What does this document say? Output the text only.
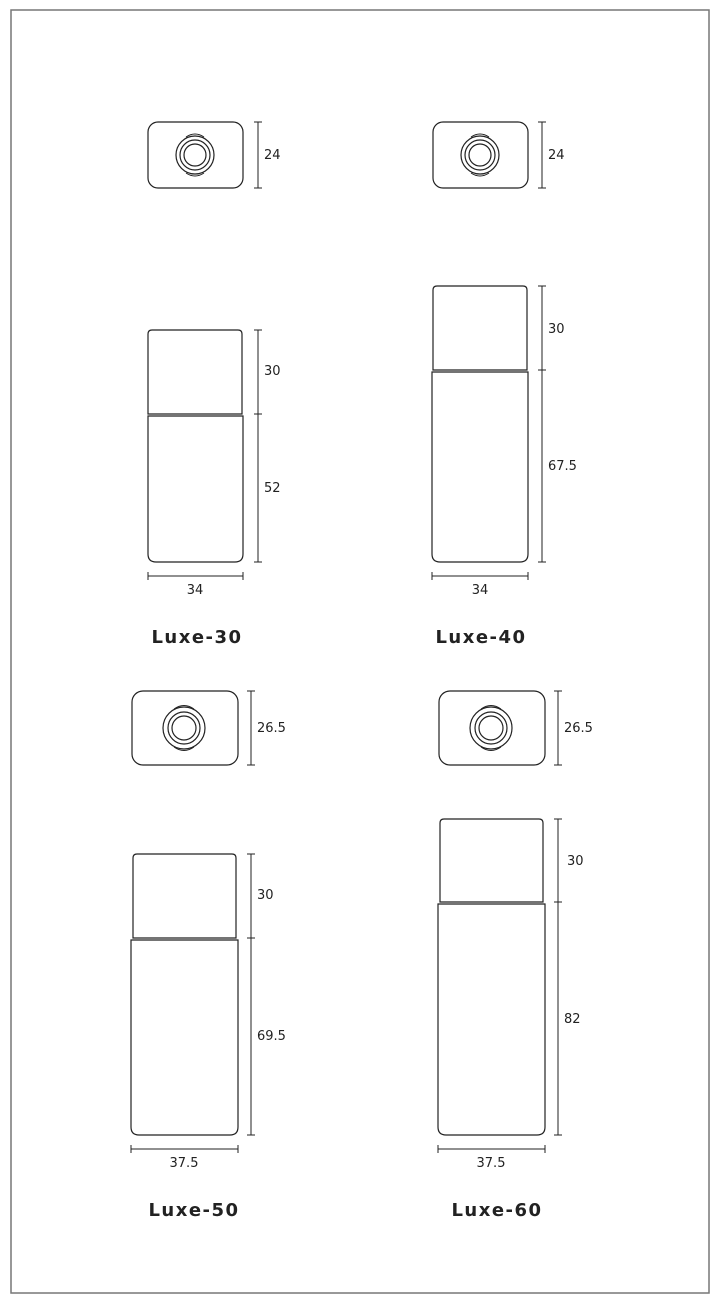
24
30
52
34
Luxe-30
24
30
67.5
34
Luxe-40
26.5
30
69.5
37.5
Luxe-50
26.5
30
82
37.5
Luxe-60
